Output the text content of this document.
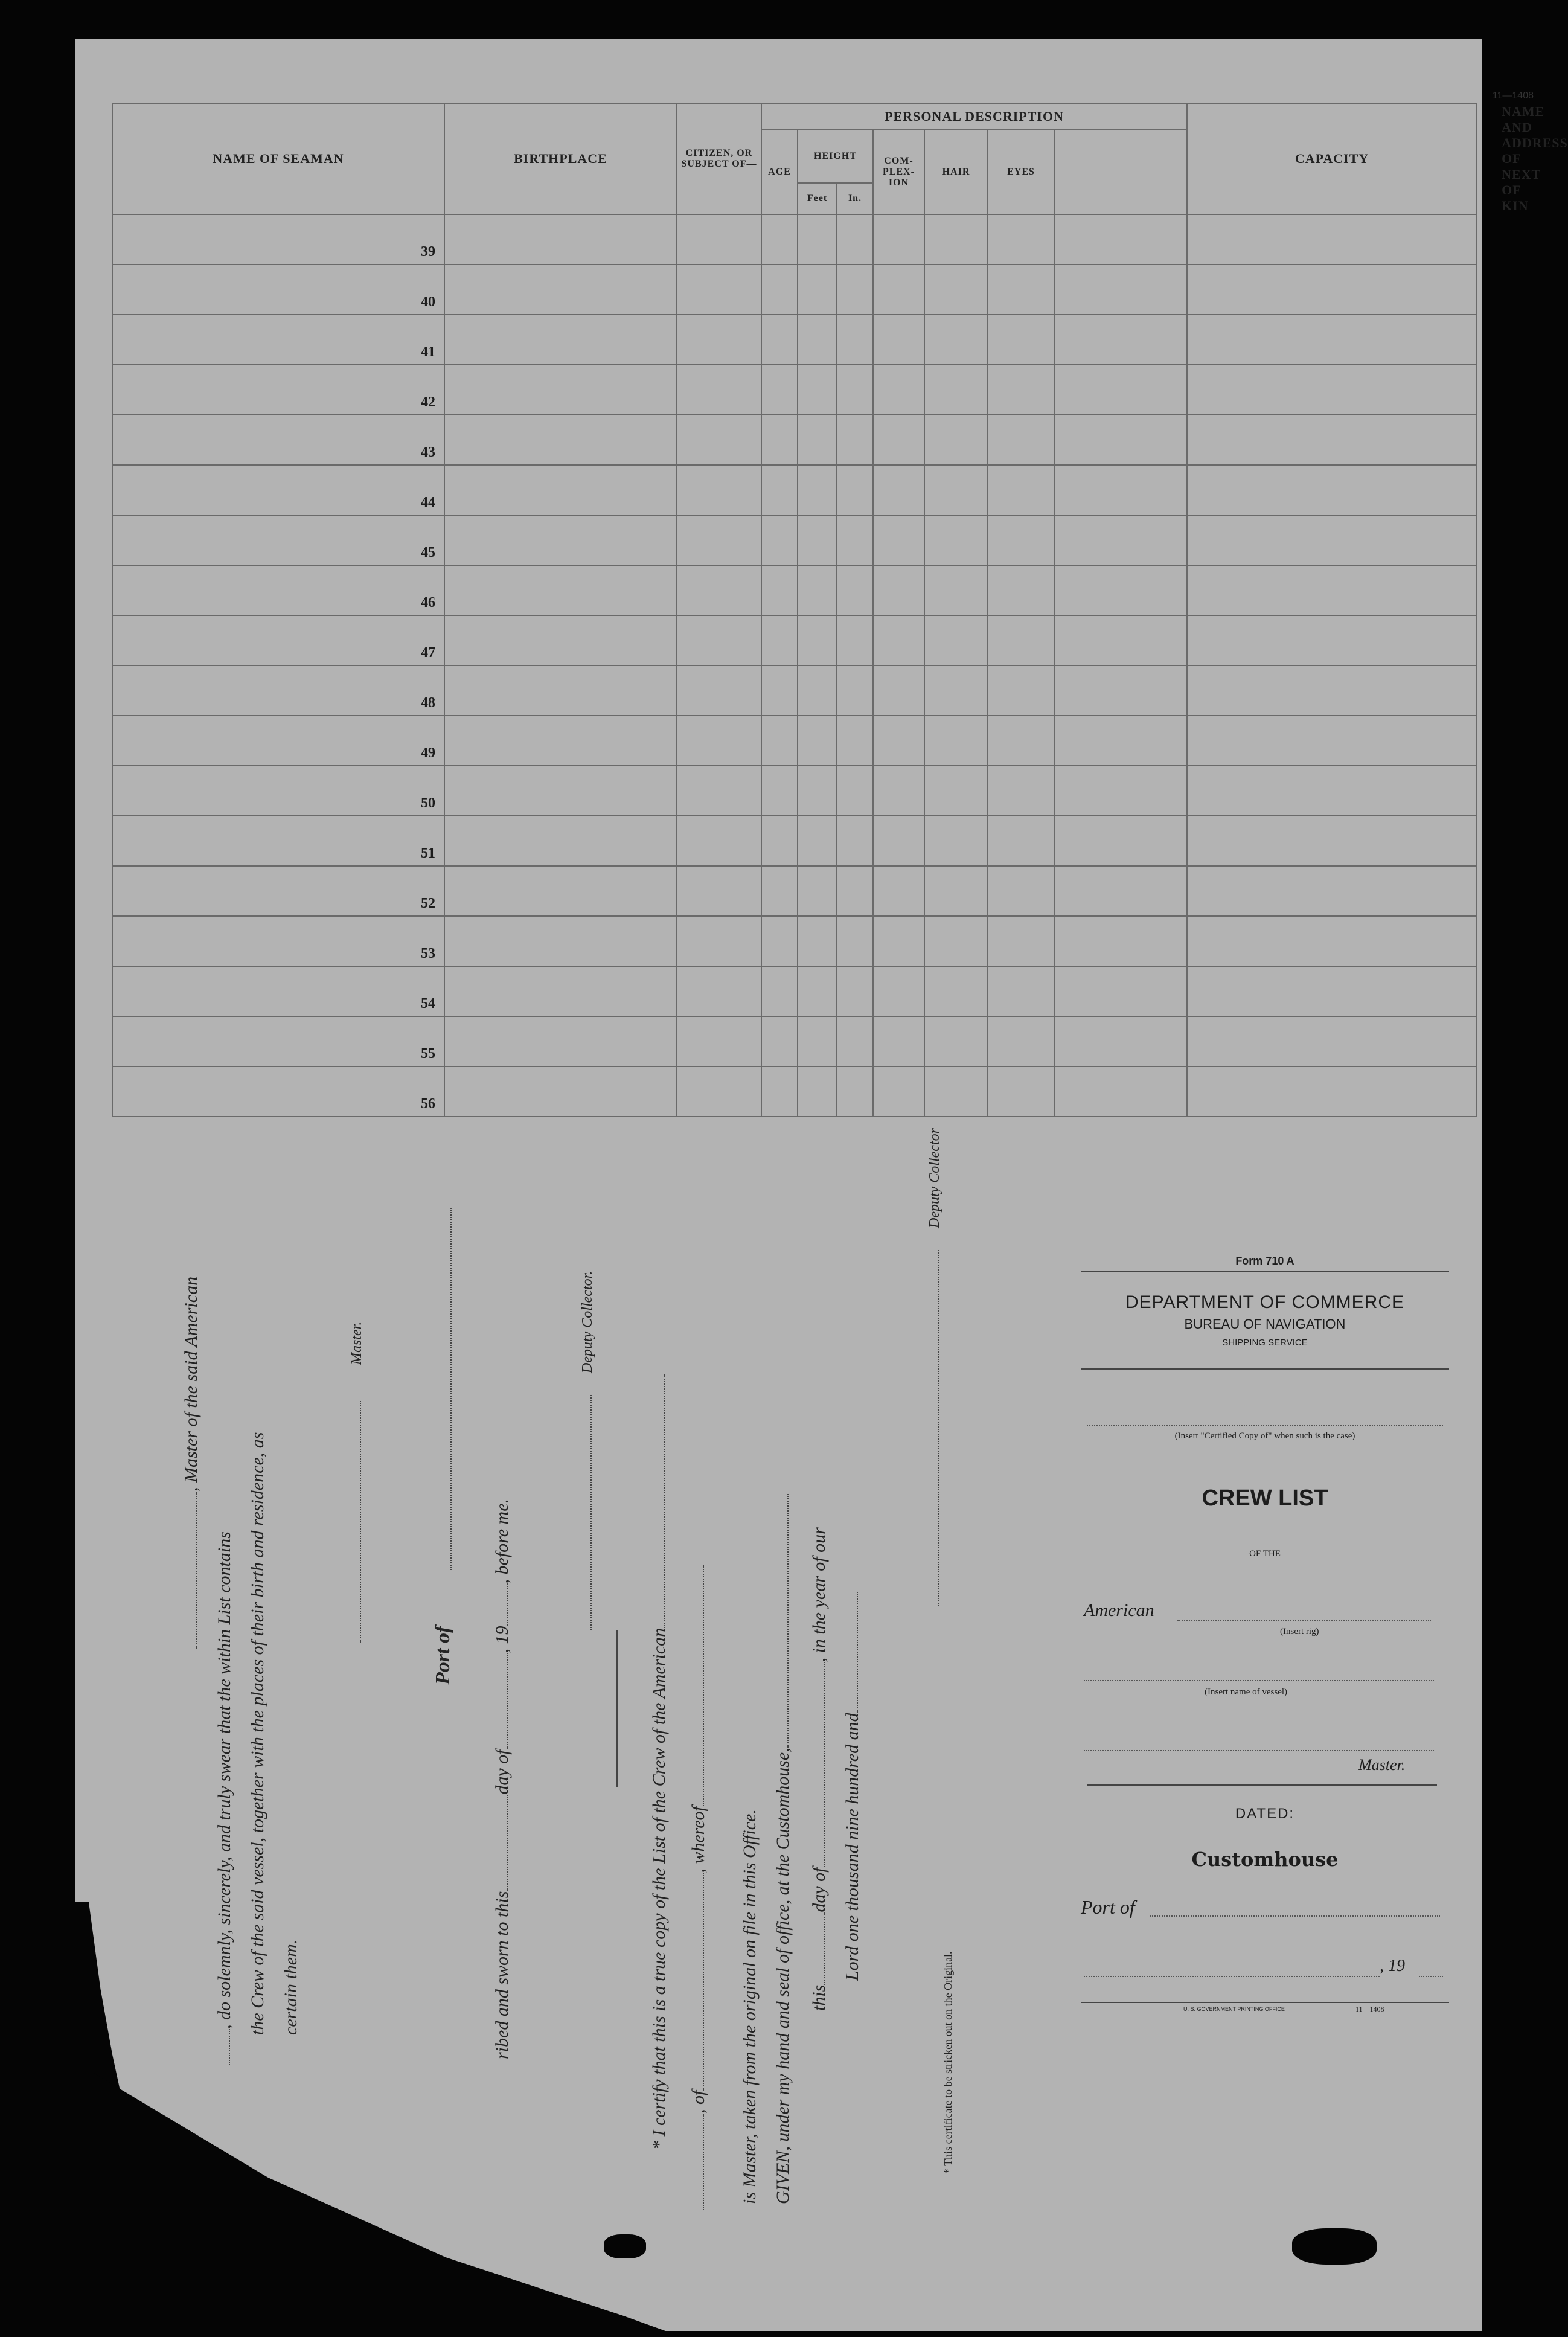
11—1408
NAME OF SEAMAN	BIRTHPLACE	CITIZEN, OR SUBJECT OF—	PERSONAL DESCRIPTION							CAPACITY	NAME AND ADDRESS OF NEXT OF KIN
			AGE	HEIGHT		COM- PLEX- ION	HAIR	EYES			
				Feet	In.						
39											
40											
41											
42											
43											
44											
45											
46											
47											
48											
49											
50											
51											
52											
53											
54											
55											
56											
, Master of the said American
, do solemnly, sincerely, and truly swear that the within List contains the Crew of the said vessel, together with the places of their birth and residence, as certain them.
Master.
Port of
ribed and sworn to thisday of, 19, before me.
Deputy Collector.
* I certify that this is a true copy of the List of the Crew of the American , of, whereof is Master, taken from the original on file in this Office. GIVEN, under my hand and seal of office, at the Customhouse, thisday of, in the year of our
Lord one thousand nine hundred and
Deputy Collector
* This certificate to be stricken out on the Original.
Form 710 A
DEPARTMENT OF COMMERCE
BUREAU OF NAVIGATION
SHIPPING SERVICE
(Insert "Certified Copy of" when such is the case)
CREW LIST
OF THE
American
(Insert rig)
(Insert name of vessel)
Master.
DATED:
Customhouse
Port of
, 19
U. S. GOVERNMENT PRINTING OFFICE	11—1408
